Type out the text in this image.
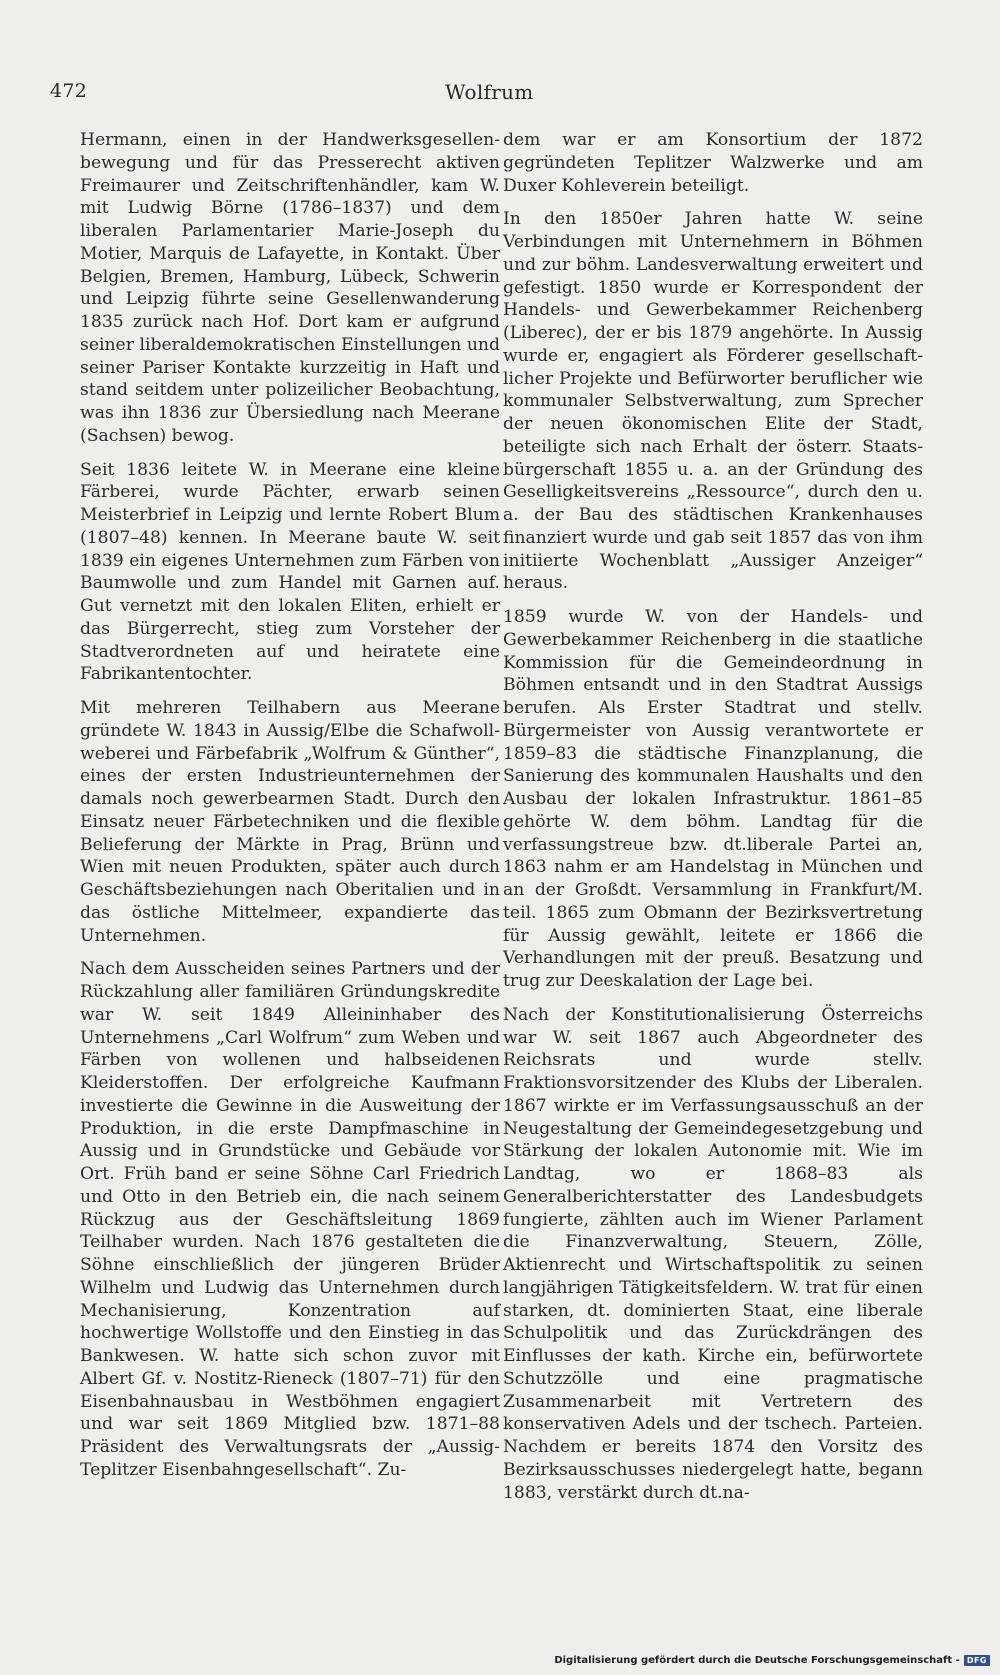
472	Wolfrum

Hermann, einen in der Handwerksgesellenbewegung und für das Presserecht aktiven Freimaurer und Zeitschriftenhändler, kam W. mit Ludwig Börne (1786–1837) und dem liberalen Parlamentarier Marie-Joseph du Motier, Marquis de Lafayette, in Kontakt. Über Belgien, Bremen, Hamburg, Lübeck, Schwerin und Leipzig führte seine Gesellenwanderung 1835 zurück nach Hof. Dort kam er aufgrund seiner liberaldemokratischen Einstellungen und seiner Pariser Kontakte kurzzeitig in Haft und stand seitdem unter polizeilicher Beobachtung, was ihn 1836 zur Übersiedlung nach Meerane (Sachsen) bewog.

Seit 1836 leitete W. in Meerane eine kleine Färberei, wurde Pächter, erwarb seinen Meisterbrief in Leipzig und lernte Robert Blum (1807–48) kennen. In Meerane baute W. seit 1839 ein eigenes Unternehmen zum Färben von Baumwolle und zum Handel mit Garnen auf. Gut vernetzt mit den lokalen Eliten, erhielt er das Bürgerrecht, stieg zum Vorsteher der Stadtverordneten auf und heiratete eine Fabrikantentochter.

Mit mehreren Teilhabern aus Meerane gründete W. 1843 in Aussig/Elbe die Schafwollweberei und Färbefabrik „Wolfrum & Günther“, eines der ersten Industrieunternehmen der damals noch gewerbearmen Stadt. Durch den Einsatz neuer Färbetechniken und die flexible Belieferung der Märkte in Prag, Brünn und Wien mit neuen Produkten, später auch durch Geschäftsbeziehungen nach Oberitalien und in das östliche Mittelmeer, expandierte das Unternehmen.

Nach dem Ausscheiden seines Partners und der Rückzahlung aller familiären Gründungskredite war W. seit 1849 Alleininhaber des Unternehmens „Carl Wolfrum“ zum Weben und Färben von wollenen und halbseidenen Kleiderstoffen. Der erfolgreiche Kaufmann investierte die Gewinne in die Ausweitung der Produktion, in die erste Dampfmaschine in Aussig und in Grundstücke und Gebäude vor Ort. Früh band er seine Söhne Carl Friedrich und Otto in den Betrieb ein, die nach seinem Rückzug aus der Geschäftsleitung 1869 Teilhaber wurden. Nach 1876 gestalteten die Söhne einschließlich der jüngeren Brüder Wilhelm und Ludwig das Unternehmen durch Mechanisierung, Konzentration auf hochwertige Wollstoffe und den Einstieg in das Bankwesen. W. hatte sich schon zuvor mit Albert Gf. v. Nostitz-Rieneck (1807–71) für den Eisenbahnausbau in Westböhmen engagiert und war seit 1869 Mitglied bzw. 1871–88 Präsident des Verwaltungsrats der „Aussig-Teplitzer Eisenbahngesellschaft“. Zu-

dem war er am Konsortium der 1872 gegründeten Teplitzer Walzwerke und am Duxer Kohleverein beteiligt.

In den 1850er Jahren hatte W. seine Verbindungen mit Unternehmern in Böhmen und zur böhm. Landesverwaltung erweitert und gefestigt. 1850 wurde er Korrespondent der Handels- und Gewerbekammer Reichenberg (Liberec), der er bis 1879 angehörte. In Aussig wurde er, engagiert als Förderer gesellschaftlicher Projekte und Befürworter beruflicher wie kommunaler Selbstverwaltung, zum Sprecher der neuen ökonomischen Elite der Stadt, beteiligte sich nach Erhalt der österr. Staatsbürgerschaft 1855 u. a. an der Gründung des Geselligkeitsvereins „Ressource“, durch den u. a. der Bau des städtischen Krankenhauses finanziert wurde und gab seit 1857 das von ihm initiierte Wochenblatt „Aussiger Anzeiger“ heraus.

1859 wurde W. von der Handels- und Gewerbekammer Reichenberg in die staatliche Kommission für die Gemeindeordnung in Böhmen entsandt und in den Stadtrat Aussigs berufen. Als Erster Stadtrat und stellv. Bürgermeister von Aussig verantwortete er 1859–83 die städtische Finanzplanung, die Sanierung des kommunalen Haushalts und den Ausbau der lokalen Infrastruktur. 1861–85 gehörte W. dem böhm. Landtag für die verfassungstreue bzw. dt.liberale Partei an, 1863 nahm er am Handelstag in München und an der Großdt. Versammlung in Frankfurt/M. teil. 1865 zum Obmann der Bezirksvertretung für Aussig gewählt, leitete er 1866 die Verhandlungen mit der preuß. Besatzung und trug zur Deeskalation der Lage bei.

Nach der Konstitutionalisierung Österreichs war W. seit 1867 auch Abgeordneter des Reichsrats und wurde stellv. Fraktionsvorsitzender des Klubs der Liberalen. 1867 wirkte er im Verfassungsausschuß an der Neugestaltung der Gemeindegesetzgebung und Stärkung der lokalen Autonomie mit. Wie im Landtag, wo er 1868–83 als Generalberichterstatter des Landesbudgets fungierte, zählten auch im Wiener Parlament die Finanzverwaltung, Steuern, Zölle, Aktienrecht und Wirtschaftspolitik zu seinen langjährigen Tätigkeitsfeldern. W. trat für einen starken, dt. dominierten Staat, eine liberale Schulpolitik und das Zurückdrängen des Einflusses der kath. Kirche ein, befürwortete Schutzzölle und eine pragmatische Zusammenarbeit mit Vertretern des konservativen Adels und der tschech. Parteien. Nachdem er bereits 1874 den Vorsitz des Bezirksausschusses niedergelegt hatte, begann 1883, verstärkt durch dt.na-

Digitalisierung gefördert durch die Deutsche Forschungsgemeinschaft - DFG
